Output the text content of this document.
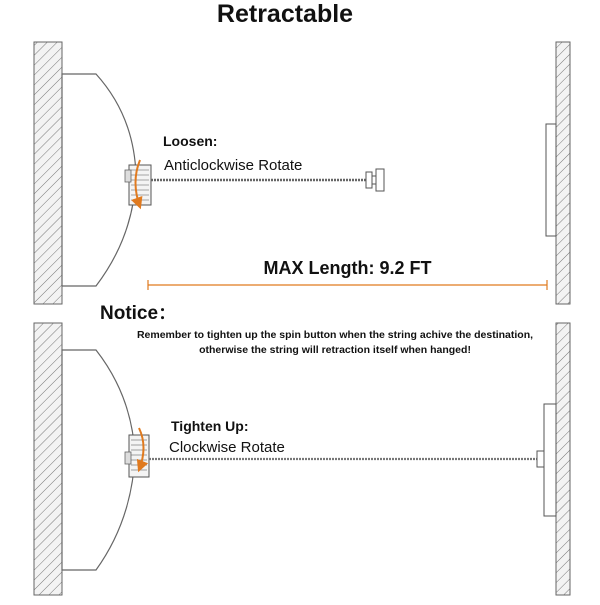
Retractable
Loosen:
Anticlockwise Rotate
MAX Length: 9.2 FT
Notice：
Remember to tighten up the spin button when the string achive the destination,
otherwise the string will retraction itself when hanged!
Tighten Up:
Clockwise Rotate
